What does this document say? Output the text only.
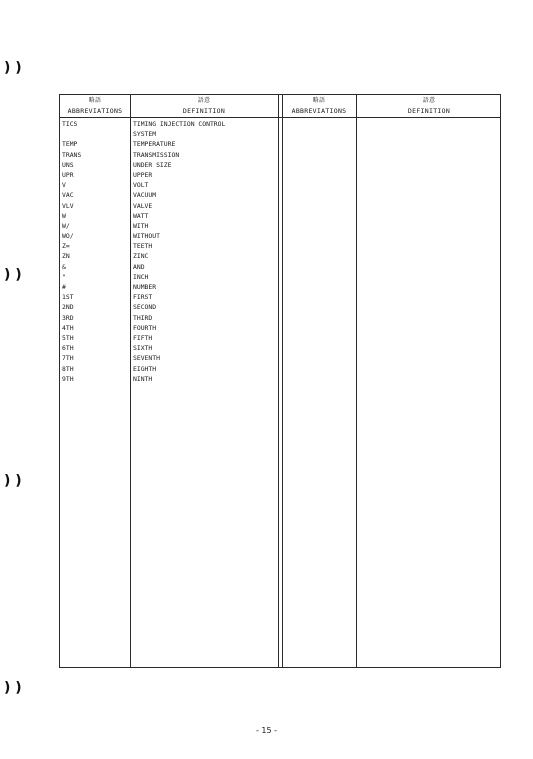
) )
) )
) )
) )
略語
ABBREVIATIONS
語意
DEFINITION
略語
ABBREVIATIONS
語意
DEFINITION
TICS
TEMP
TRANS
UNS
UPR
V
VAC
VLV
W
W/
WO/
Z=
ZN
&
"
#
1ST
2ND
3RD
4TH
5TH
6TH
7TH
8TH
9TH
TIMING INJECTION CONTROL
SYSTEM
TEMPERATURE
TRANSMISSION
UNDER SIZE
UPPER
VOLT
VACUUM
VALVE
WATT
WITH
WITHOUT
TEETH
ZINC
AND
INCH
NUMBER
FIRST
SECOND
THIRD
FOURTH
FIFTH
SIXTH
SEVENTH
EIGHTH
NINTH
- 15 -
